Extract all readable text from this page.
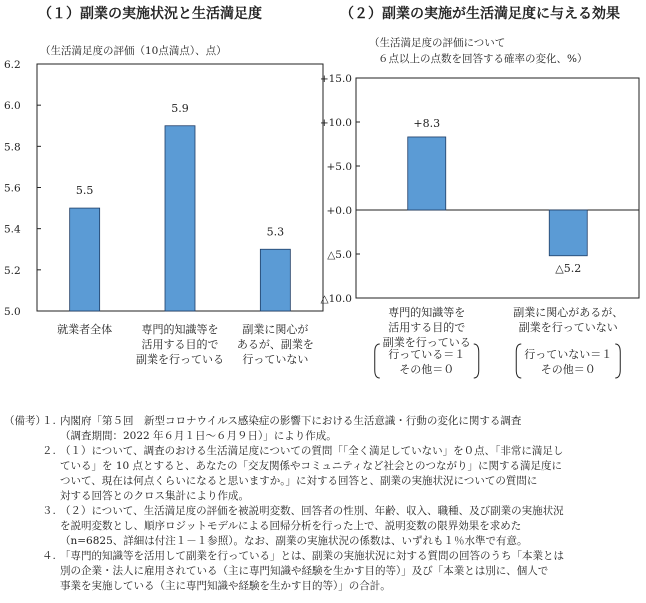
（１）副業の実施状況と生活満足度	（２）副業の実施が生活満足度に与える効果
5.0
5.2
5.4
5.6
5.8
6.0
6.2
5.5
5.9
5.3
就業者全体	専門的知識等を
活用する目的で
副業を行っている
副業に関心が
あるが、副業を
行っていない
（生活満足度の評価（10点満点）、点）
+15.0
+10.0
+5.0
+0.0
△5.0
△10.0
+8.3
△5.2
専門的知識等を
活用する目的で
副業を行っている
副業に関心があるが、
副業を行っていない
（生活満足度の評価について
６点以上の点数を回答する確率の変化、%）
行っている＝１
その他＝０
行っていない＝１
その他＝０
（備考）
１. 内閣府「第５回　新型コロナウイルス感染症の影響下における生活意識・行動の変化に関する調査
（調査期間：2022 年６月１日～６月９日）」により作成。
２. （１）について、調査のおける生活満足度についての質問「「全く満足していない」を０点、「非常に満足し
ている」を 10 点とすると、あなたの「交友関係やコミュニティなど社会とのつながり」に関する満足度に
ついて、現在は何点くらいになると思いますか。」に対する回答と、副業の実施状況についての質問に
対する回答とのクロス集計により作成。
３. （２）について、生活満足度の評価を被説明変数、回答者の性別、年齢、収入、職種、及び副業の実施状況
を説明変数とし、順序ロジットモデルによる回帰分析を行った上で、説明変数の限界効果を求めた
（n=6825、詳細は付注１－１参照）。なお、副業の実施状況の係数は、いずれも１％水準で有意。
４. 「専門的知識等を活用して副業を行っている」とは、副業の実施状況に対する質問の回答のうち「本業とは
別の企業・法人に雇用されている（主に専門知識や経験を生かす目的等）」及び「本業とは別に、個人で
事業を実施している（主に専門知識や経験を生かす目的等）」の合計。
